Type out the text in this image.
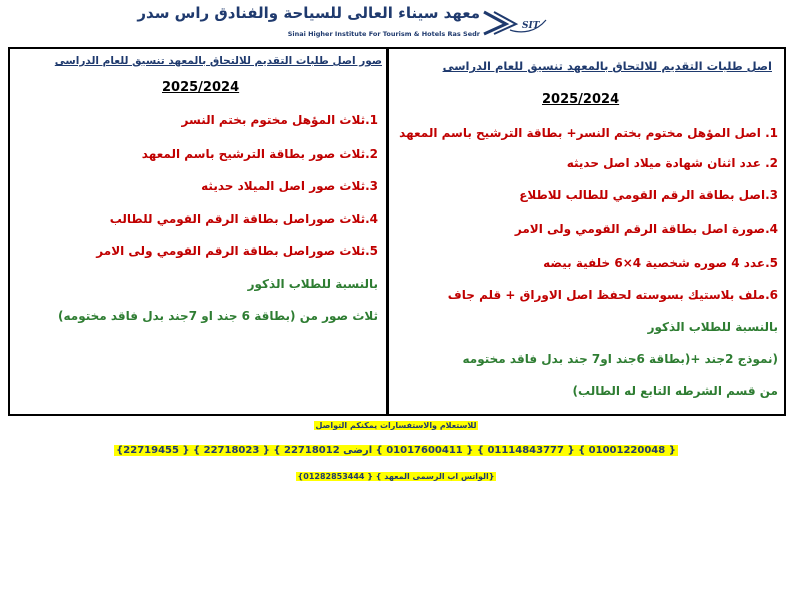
معهد سيناء العالى للسياحة والفنادق راس سدر
Sinai Higher Institute For Tourism & Hotels Ras Sedr
SIT
اصل طلبات التقديم للالتحاق بالمعهد تنسيق للعام الدراسى
2025/2024
1. اصل المؤهل مختوم بختم النسر+ بطاقة الترشيح باسم المعهد
2. عدد اثنان شهادة ميلاد اصل حديثه
3.اصل بطاقة الرقم القومي للطالب للاطلاع
4.صورة اصل بطاقة الرقم القومي ولى الامر
5.عدد 4 صوره شخصية 4×6 خلفية بيضه
6.ملف بلاستيك بسوسته لحفظ اصل الاوراق + قلم جاف
بالنسبة للطلاب الذكور
(نموذج 2جند +(بطاقة 6جند او7 جند بدل فاقد مختومه
من قسم الشرطه التابع له الطالب)
صور اصل طلبات التقديم للالتحاق بالمعهد تنسيق للعام الدراسى
2025/2024
1.ثلاث المؤهل مختوم بختم النسر
2.ثلاث صور بطاقة الترشيح باسم المعهد
3.ثلاث صور اصل الميلاد حديثه
4.ثلاث صوراصل بطاقة الرقم القومي للطالب
5.ثلاث صوراصل بطاقة الرقم القومي ولى الامر
بالنسبة للطلاب الذكور
ثلاث صور من (بطاقة 6 جند او 7جند بدل فاقد مختومه)
للاستعلام والاستفسارات يمكنكم التواصل
{ 01001220048 } { 01114843777 } { 01017600411 } ارضى 22718012 } { 22718023 } { 22719455}
{الواتس اب الرسمى المعهد } { 01282853444}
